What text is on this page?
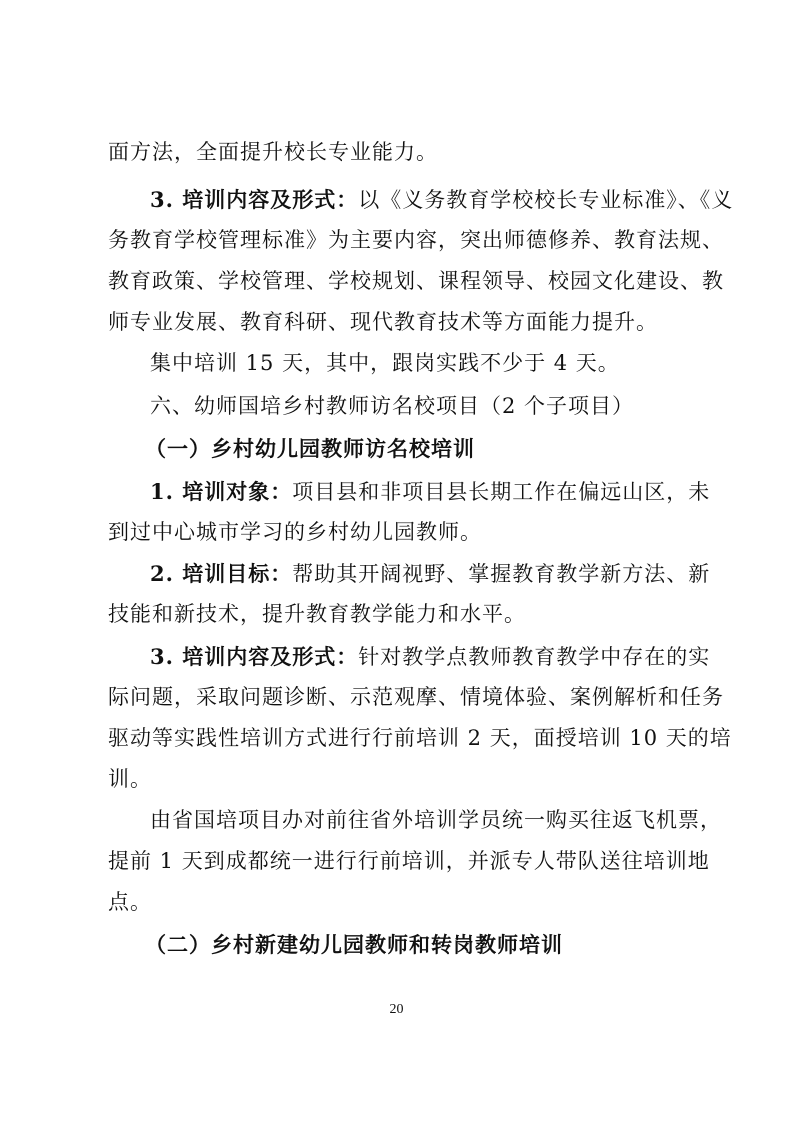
面方法，全面提升校长专业能力。
3. 培训内容及形式：以《义务教育学校校长专业标准》、《义
务教育学校管理标准》为主要内容，突出师德修养、教育法规、
教育政策、学校管理、学校规划、课程领导、校园文化建设、教
师专业发展、教育科研、现代教育技术等方面能力提升。
集中培训 15 天，其中，跟岗实践不少于 4 天。
六、幼师国培乡村教师访名校项目（2 个子项目）
（一）乡村幼儿园教师访名校培训
1. 培训对象：项目县和非项目县长期工作在偏远山区，未
到过中心城市学习的乡村幼儿园教师。
2. 培训目标：帮助其开阔视野、掌握教育教学新方法、新
技能和新技术，提升教育教学能力和水平。
3. 培训内容及形式：针对教学点教师教育教学中存在的实
际问题，采取问题诊断、示范观摩、情境体验、案例解析和任务
驱动等实践性培训方式进行行前培训 2 天，面授培训 10 天的培
训。
由省国培项目办对前往省外培训学员统一购买往返飞机票，
提前 1 天到成都统一进行行前培训，并派专人带队送往培训地
点。
（二）乡村新建幼儿园教师和转岗教师培训
20
